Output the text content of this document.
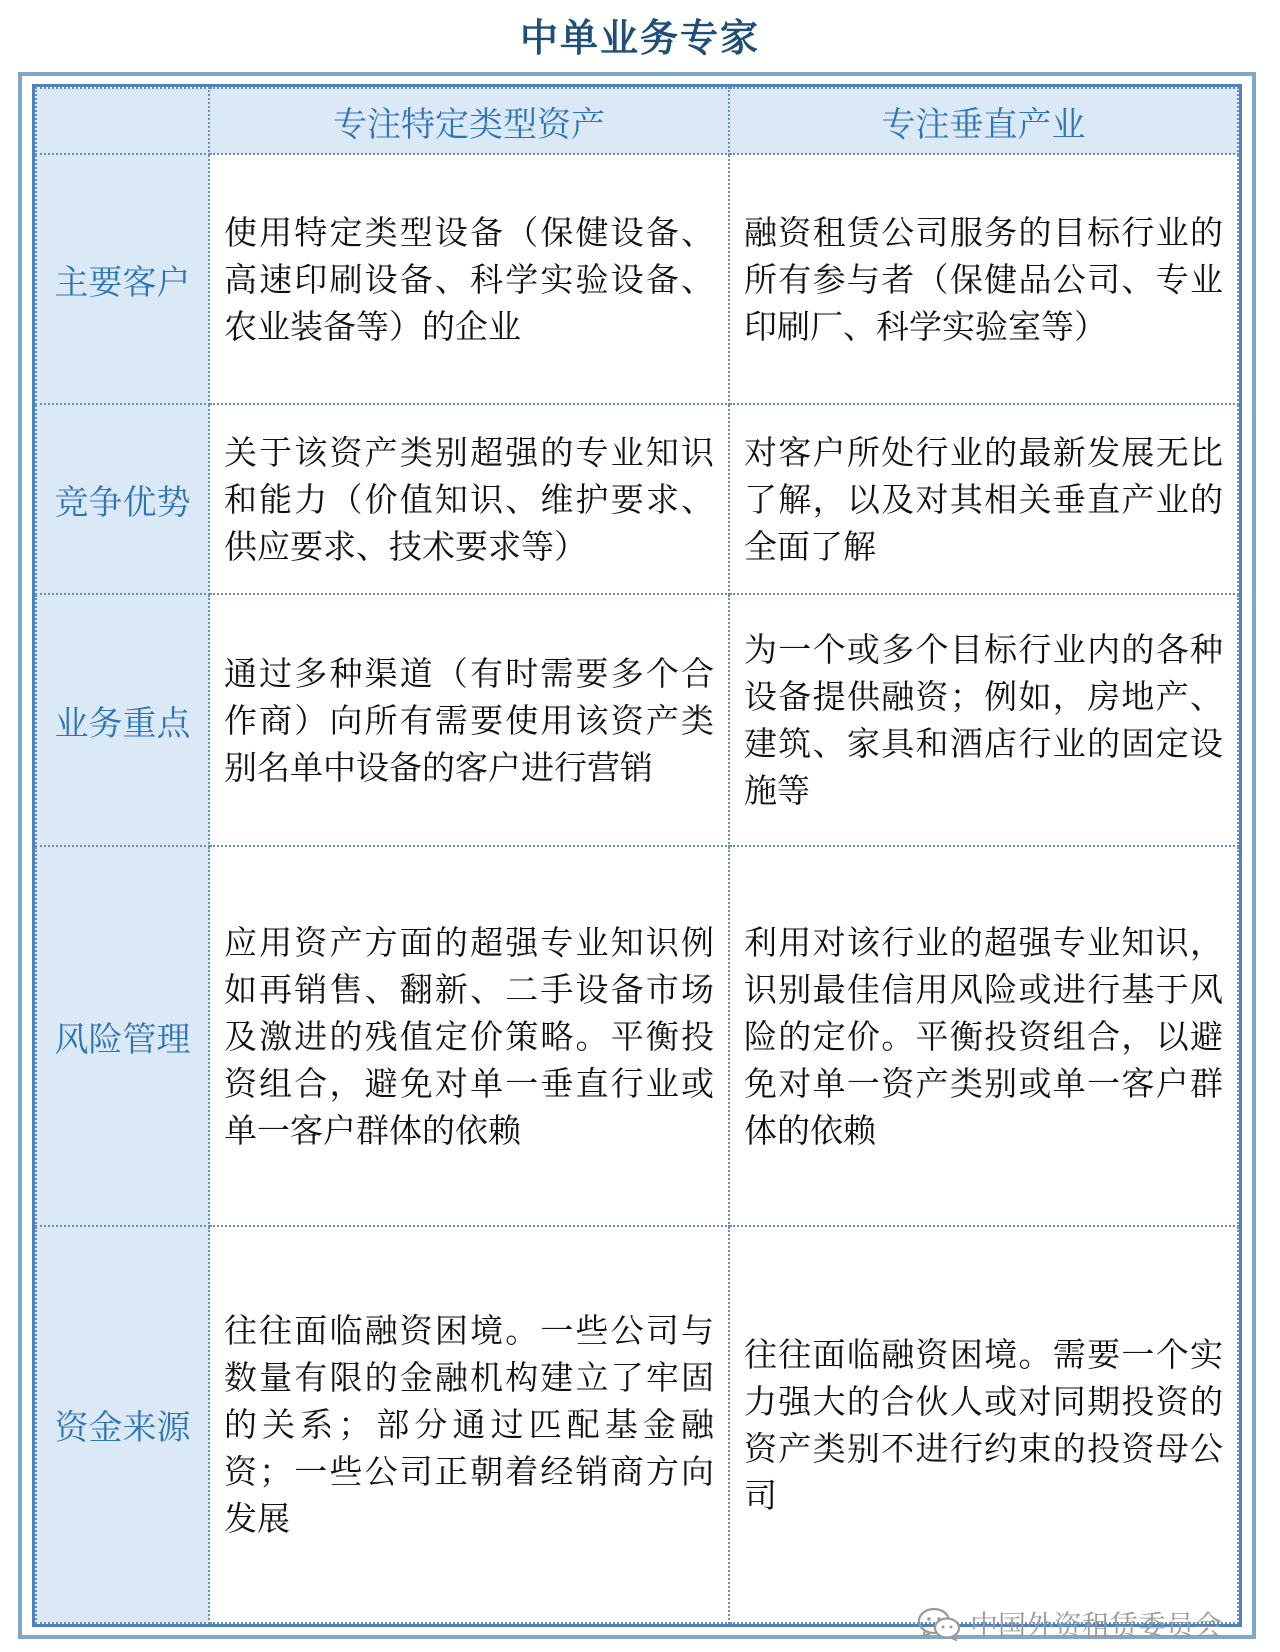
中单业务专家
	专注特定类型资产	专注垂直产业
主要客户	使用特定类型设备（保健设备、高速印刷设备、科学实验设备、农业装备等）的企业	融资租赁公司服务的目标行业的所有参与者（保健品公司、专业印刷厂、科学实验室等）
竞争优势	关于该资产类别超强的专业知识和能力（价值知识、维护要求、供应要求、技术要求等）	对客户所处行业的最新发展无比了解，以及对其相关垂直产业的全面了解
业务重点	通过多种渠道（有时需要多个合作商）向所有需要使用该资产类别名单中设备的客户进行营销	为一个或多个目标行业内的各种设备提供融资；例如，房地产、建筑、家具和酒店行业的固定设施等
风险管理	应用资产方面的超强专业知识例如再销售、翻新、二手设备市场及激进的残值定价策略。平衡投资组合，避免对单一垂直行业或单一客户群体的依赖	利用对该行业的超强专业知识，识别最佳信用风险或进行基于风险的定价。平衡投资组合，以避免对单一资产类别或单一客户群体的依赖
资金来源	往往面临融资困境。一些公司与数量有限的金融机构建立了牢固的关系；部分通过匹配基金融资；一些公司正朝着经销商方向发展	往往面临融资困境。需要一个实力强大的合伙人或对同期投资的资产类别不进行约束的投资母公司
中国外资租赁委员会
